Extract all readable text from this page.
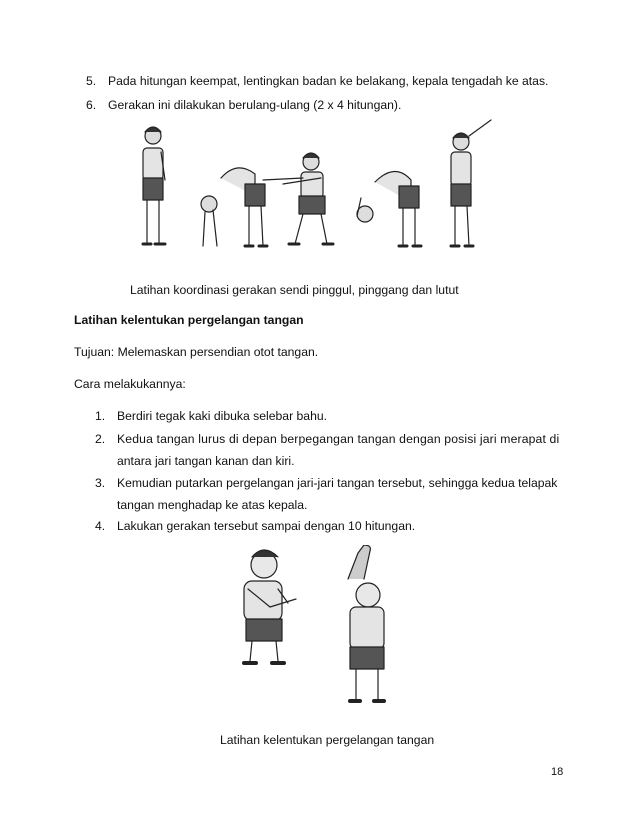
5. Pada hitungan keempat, lentingkan badan ke belakang, kepala tengadah ke atas.
6. Gerakan ini dilakukan berulang-ulang (2 x 4 hitungan).
Latihan koordinasi gerakan sendi pinggul, pinggang dan lutut
Latihan kelentukan pergelangan tangan
Tujuan: Melemaskan persendian otot tangan.
Cara melakukannya:
1. Berdiri tegak kaki dibuka selebar bahu.
2. Kedua tangan lurus di depan berpegangan tangan dengan posisi jari merapat di
antara jari tangan kanan dan kiri.
3. Kemudian putarkan pergelangan jari-jari tangan tersebut, sehingga kedua telapak
tangan menghadap ke atas kepala.
4. Lakukan gerakan tersebut sampai dengan 10 hitungan.
Latihan kelentukan pergelangan tangan
18
